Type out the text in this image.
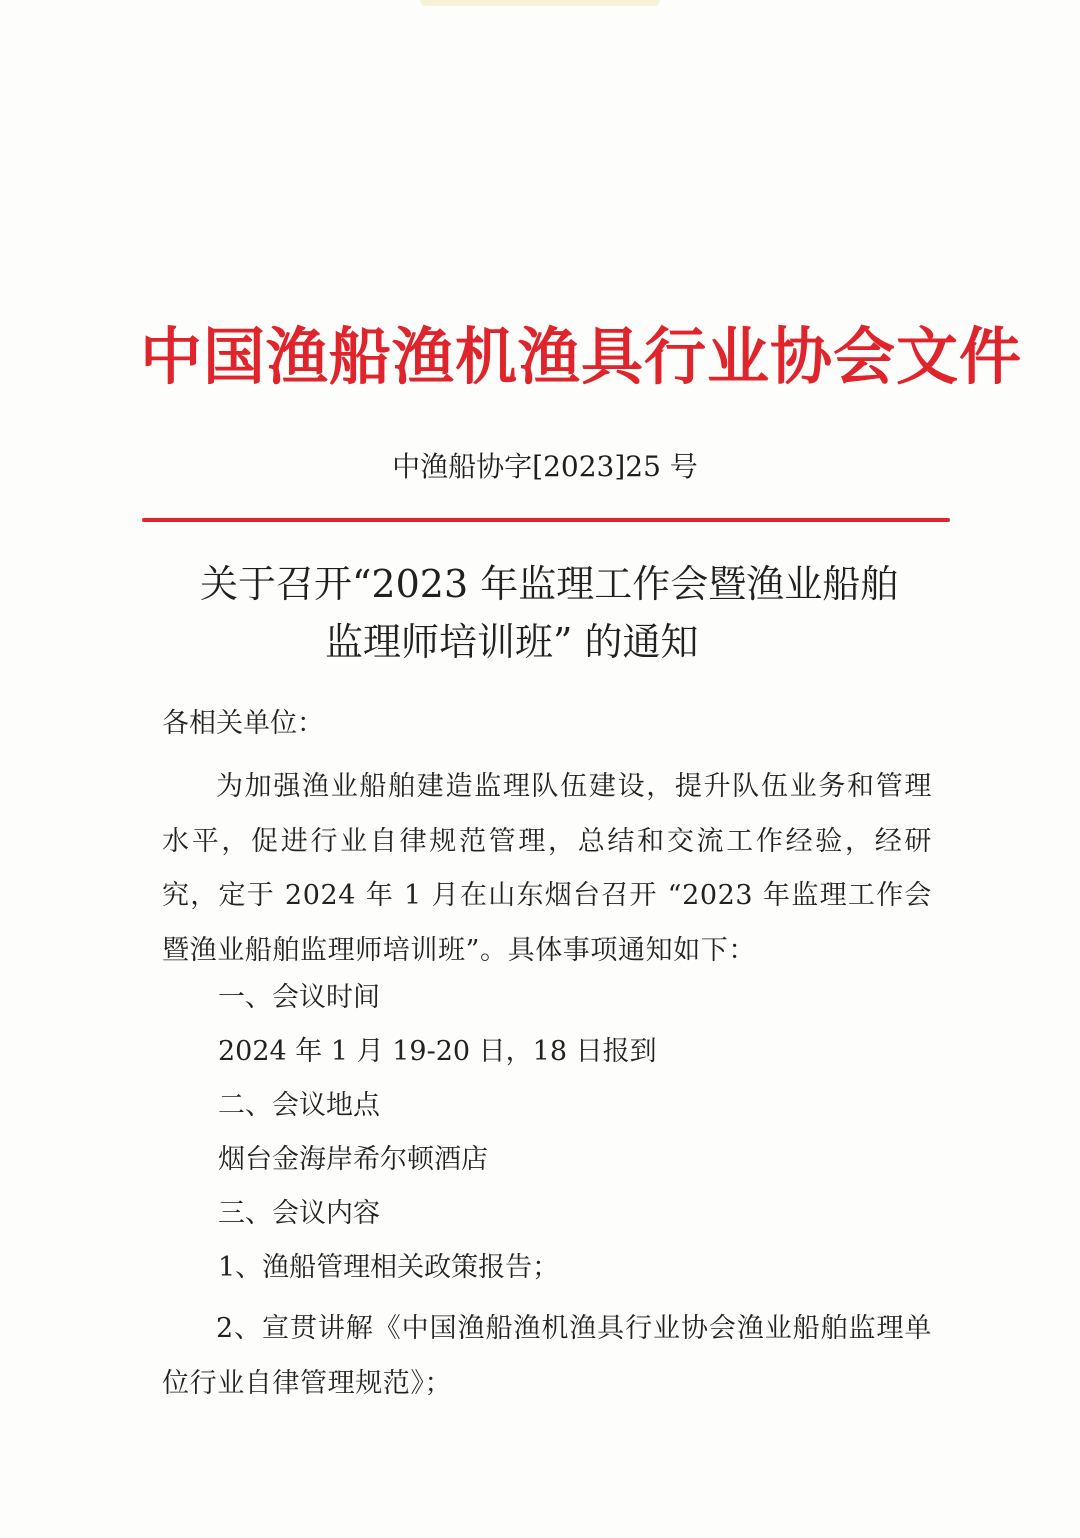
中国渔船渔机渔具行业协会文件
中渔船协字[2023]25 号
关于召开“2023 年监理工作会暨渔业船舶
监理师培训班” 的通知
各相关单位：
为加强渔业船舶建造监理队伍建设，提升队伍业务和管理水平，促进行业自律规范管理，总结和交流工作经验，经研究，定于 2024 年 1 月在山东烟台召开 “2023 年监理工作会暨渔业船舶监理师培训班”。具体事项通知如下：
一、会议时间
2024 年 1 月 19-20 日，18 日报到
二、会议地点
烟台金海岸希尔顿酒店
三、会议内容
1、渔船管理相关政策报告；
2、宣贯讲解《中国渔船渔机渔具行业协会渔业船舶监理单位行业自律管理规范》；
